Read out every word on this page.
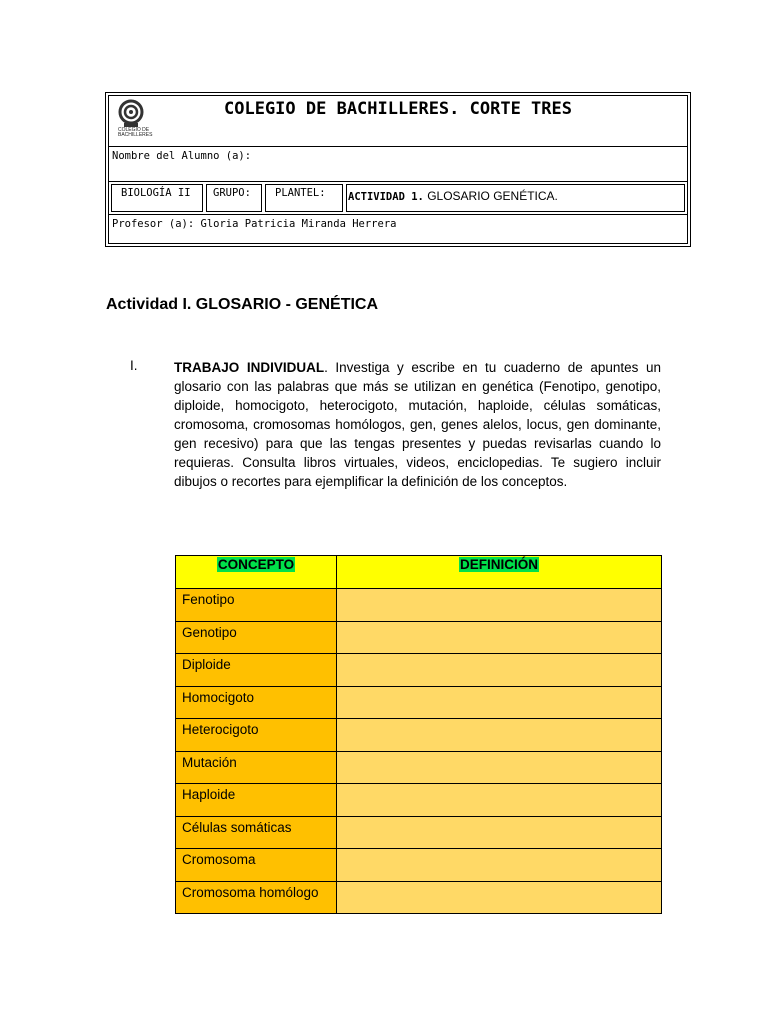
COLEGIO DE
BACHILLERES
COLEGIO DE BACHILLERES. CORTE TRES
Nombre del Alumno (a):
BIOLOGÍA II	GRUPO:	PLANTEL:	ACTIVIDAD 1. GLOSARIO GENÉTICA.
Profesor (a): Gloria Patricia Miranda Herrera
Actividad I. GLOSARIO - GENÉTICA
I.	TRABAJO INDIVIDUAL. Investiga y escribe en tu cuaderno de apuntes un glosario con las palabras que más se utilizan en genética (Fenotipo, genotipo, diploide, homocigoto, heterocigoto, mutación, haploide, células somáticas, cromosoma, cromosomas homólogos, gen, genes alelos, locus, gen dominante, gen recesivo) para que las tengas presentes y puedas revisarlas cuando lo requieras. Consulta libros virtuales, videos, enciclopedias. Te sugiero incluir dibujos o recortes para ejemplificar la definición de los conceptos.
CONCEPTO	DEFINICIÓN
Fenotipo	
Genotipo	
Diploide	
Homocigoto	
Heterocigoto	
Mutación	
Haploide	
Células somáticas	
Cromosoma	
Cromosoma homólogo	
